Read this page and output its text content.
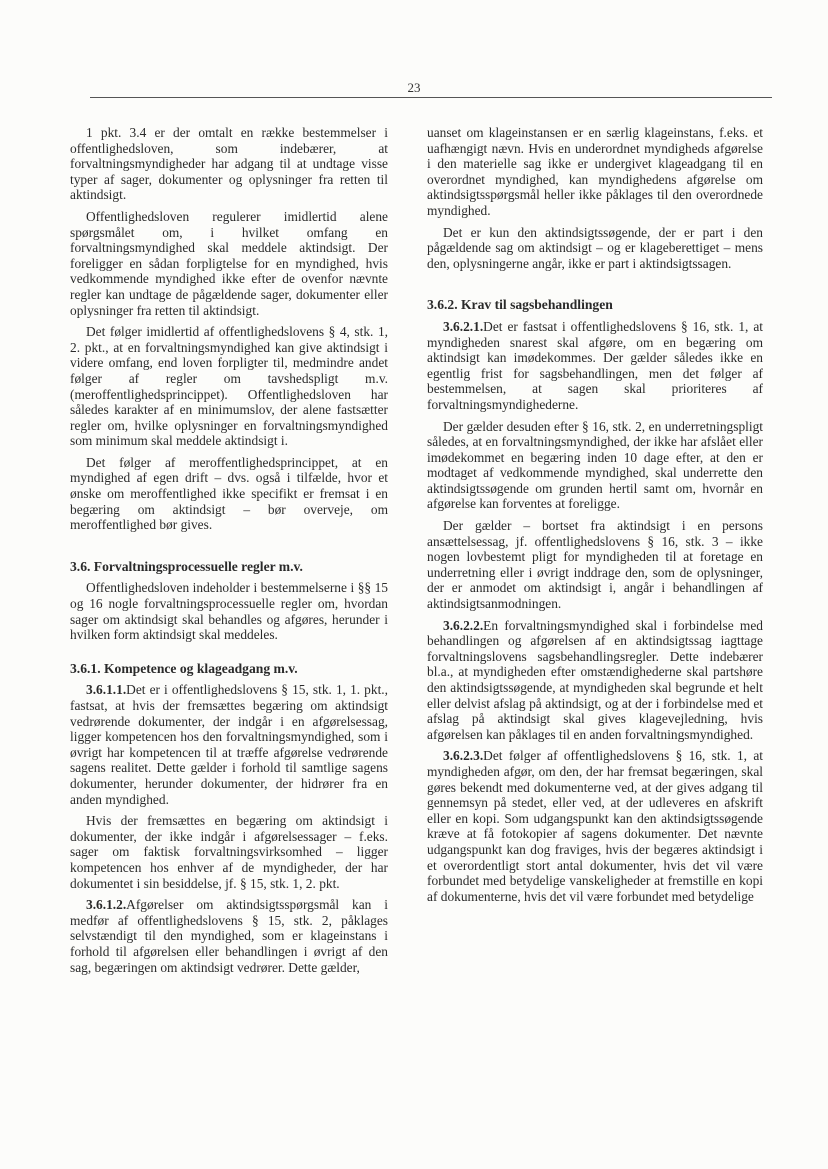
23

1 pkt. 3.4 er der omtalt en række bestemmelser i offentlighedsloven, som indebærer, at forvaltningsmyndigheder har adgang til at undtage visse typer af sager, dokumenter og oplysninger fra retten til aktindsigt.

Offentlighedsloven regulerer imidlertid alene spørgsmålet om, i hvilket omfang en forvaltningsmyndighed skal meddele aktindsigt. Der foreligger en sådan forpligtelse for en myndighed, hvis vedkommende myndighed ikke efter de ovenfor nævnte regler kan undtage de pågældende sager, dokumenter eller oplysninger fra retten til aktindsigt.

Det følger imidlertid af offentlighedslovens § 4, stk. 1, 2. pkt., at en forvaltningsmyndighed kan give aktindsigt i videre omfang, end loven forpligter til, medmindre andet følger af regler om tavshedspligt m.v. (meroffentlighedsprincippet). Offentlighedsloven har således karakter af en minimumslov, der alene fastsætter regler om, hvilke oplysninger en forvaltningsmyndighed som minimum skal meddele aktindsigt i.

Det følger af meroffentlighedsprincippet, at en myndighed af egen drift – dvs. også i tilfælde, hvor et ønske om meroffentlighed ikke specifikt er fremsat i en begæring om aktindsigt – bør overveje, om meroffentlighed bør gives.

3.6. Forvaltningsprocessuelle regler m.v.

Offentlighedsloven indeholder i bestemmelserne i §§ 15 og 16 nogle forvaltningsprocessuelle regler om, hvordan sager om aktindsigt skal behandles og afgøres, herunder i hvilken form aktindsigt skal meddeles.

3.6.1. Kompetence og klageadgang m.v.

3.6.1.1.Det er i offentlighedslovens § 15, stk. 1, 1. pkt., fastsat, at hvis der fremsættes begæring om aktindsigt vedrørende dokumenter, der indgår i en afgørelsessag, ligger kompetencen hos den forvaltningsmyndighed, som i øvrigt har kompetencen til at træffe afgørelse vedrørende sagens realitet. Dette gælder i forhold til samtlige sagens dokumenter, herunder dokumenter, der hidrører fra en anden myndighed.

Hvis der fremsættes en begæring om aktindsigt i dokumenter, der ikke indgår i afgørelsessager – f.eks. sager om faktisk forvaltningsvirksomhed – ligger kompetencen hos enhver af de myndigheder, der har dokumentet i sin besiddelse, jf. § 15, stk. 1, 2. pkt.

3.6.1.2.Afgørelser om aktindsigtsspørgsmål kan i medfør af offentlighedslovens § 15, stk. 2, påklages selvstændigt til den myndighed, som er klageinstans i forhold til afgørelsen eller behandlingen i øvrigt af den sag, begæringen om aktindsigt vedrører. Dette gælder,

uanset om klageinstansen er en særlig klageinstans, f.eks. et uafhængigt nævn. Hvis en underordnet myndigheds afgørelse i den materielle sag ikke er undergivet klageadgang til en overordnet myndighed, kan myndighedens afgørelse om aktindsigtsspørgsmål heller ikke påklages til den overordnede myndighed.

Det er kun den aktindsigtssøgende, der er part i den pågældende sag om aktindsigt – og er klageberettiget – mens den, oplysningerne angår, ikke er part i aktindsigtssagen.

3.6.2. Krav til sagsbehandlingen

3.6.2.1.Det er fastsat i offentlighedslovens § 16, stk. 1, at myndigheden snarest skal afgøre, om en begæring om aktindsigt kan imødekommes. Der gælder således ikke en egentlig frist for sagsbehandlingen, men det følger af bestemmelsen, at sagen skal prioriteres af forvaltningsmyndighederne.

Der gælder desuden efter § 16, stk. 2, en underretningspligt således, at en forvaltningsmyndighed, der ikke har afslået eller imødekommet en begæring inden 10 dage efter, at den er modtaget af vedkommende myndighed, skal underrette den aktindsigtssøgende om grunden hertil samt om, hvornår en afgørelse kan forventes at foreligge.

Der gælder – bortset fra aktindsigt i en persons ansættelsessag, jf. offentlighedslovens § 16, stk. 3 – ikke nogen lovbestemt pligt for myndigheden til at foretage en underretning eller i øvrigt inddrage den, som de oplysninger, der er anmodet om aktindsigt i, angår i behandlingen af aktindsigtsanmodningen.

3.6.2.2.En forvaltningsmyndighed skal i forbindelse med behandlingen og afgørelsen af en aktindsigtssag iagttage forvaltningslovens sagsbehandlingsregler. Dette indebærer bl.a., at myndigheden efter omstændighederne skal partshøre den aktindsigtssøgende, at myndigheden skal begrunde et helt eller delvist afslag på aktindsigt, og at der i forbindelse med et afslag på aktindsigt skal gives klagevejledning, hvis afgørelsen kan påklages til en anden forvaltningsmyndighed.

3.6.2.3.Det følger af offentlighedslovens § 16, stk. 1, at myndigheden afgør, om den, der har fremsat begæringen, skal gøres bekendt med dokumenterne ved, at der gives adgang til gennemsyn på stedet, eller ved, at der udleveres en afskrift eller en kopi. Som udgangspunkt kan den aktindsigtssøgende kræve at få fotokopier af sagens dokumenter. Det nævnte udgangspunkt kan dog fraviges, hvis der begæres aktindsigt i et overordentligt stort antal dokumenter, hvis det vil være forbundet med betydelige vanskeligheder at fremstille en kopi af dokumenterne, hvis det vil være forbundet med betydelige
